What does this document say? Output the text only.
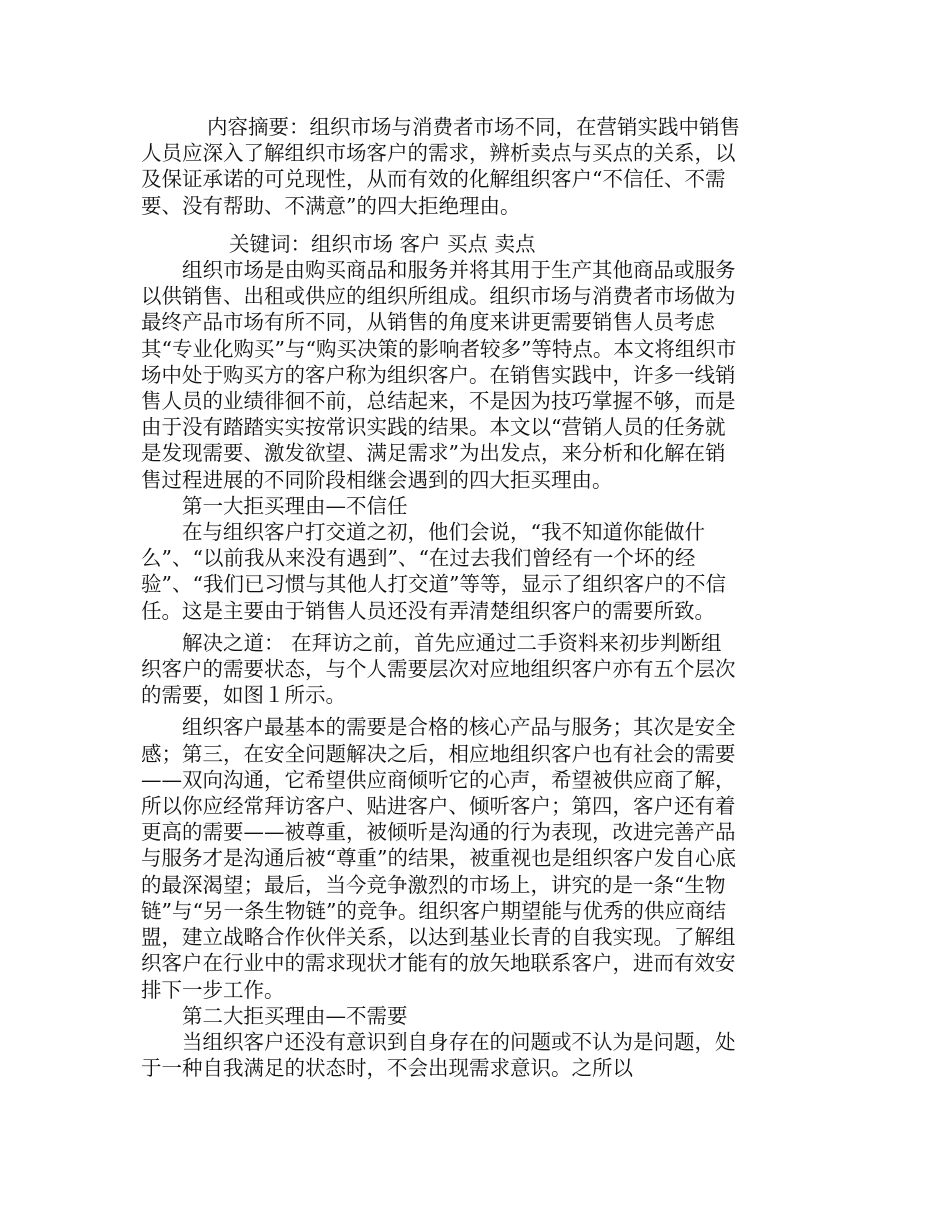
内容摘要：组织市场与消费者市场不同，在营销实践中销售人员应深入了解组织市场客户的需求，辨析卖点与买点的关系，以及保证承诺的可兑现性，从而有效的化解组织客户“不信任、不需要、没有帮助、不满意”的四大拒绝理由。

关键词：组织市场 客户 买点 卖点

组织市场是由购买商品和服务并将其用于生产其他商品或服务以供销售、出租或供应的组织所组成。组织市场与消费者市场做为最终产品市场有所不同，从销售的角度来讲更需要销售人员考虑其“专业化购买”与“购买决策的影响者较多”等特点。本文将组织市场中处于购买方的客户称为组织客户。在销售实践中，许多一线销售人员的业绩徘徊不前，总结起来，不是因为技巧掌握不够，而是由于没有踏踏实实按常识实践的结果。本文以“营销人员的任务就是发现需要、激发欲望、满足需求”为出发点，来分析和化解在销售过程进展的不同阶段相继会遇到的四大拒买理由。

第一大拒买理由—不信任

在与组织客户打交道之初，他们会说，“我不知道你能做什么”、“以前我从来没有遇到”、“在过去我们曾经有一个坏的经验”、“我们已习惯与其他人打交道”等等，显示了组织客户的不信任。这是主要由于销售人员还没有弄清楚组织客户的需要所致。

解决之道： 在拜访之前，首先应通过二手资料来初步判断组织客户的需要状态，与个人需要层次对应地组织客户亦有五个层次的需要，如图１所示。

组织客户最基本的需要是合格的核心产品与服务；其次是安全感；第三，在安全问题解决之后，相应地组织客户也有社会的需要——双向沟通，它希望供应商倾听它的心声，希望被供应商了解，所以你应经常拜访客户、贴进客户、倾听客户；第四，客户还有着更高的需要——被尊重，被倾听是沟通的行为表现，改进完善产品与服务才是沟通后被“尊重”的结果，被重视也是组织客户发自心底的最深渴望；最后，当今竞争激烈的市场上，讲究的是一条“生物链”与“另一条生物链”的竞争。组织客户期望能与优秀的供应商结盟，建立战略合作伙伴关系，以达到基业长青的自我实现。了解组织客户在行业中的需求现状才能有的放矢地联系客户，进而有效安排下一步工作。

第二大拒买理由—不需要

当组织客户还没有意识到自身存在的问题或不认为是问题，处于一种自我满足的状态时，不会出现需求意识。之所以
